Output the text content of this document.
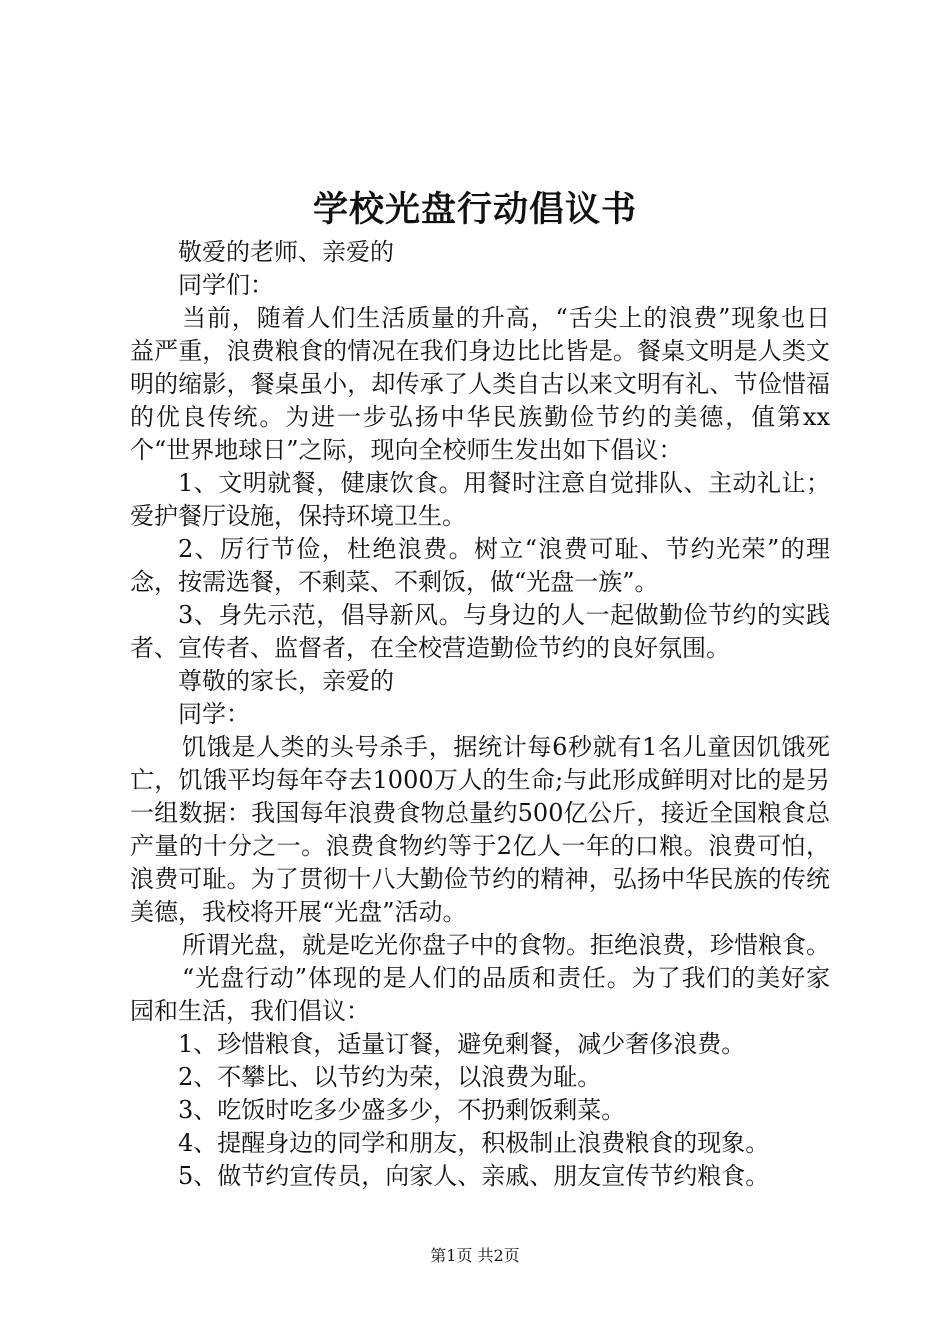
学校光盘行动倡议书

敬爱的老师、亲爱的

同学们：

当前，随着人们生活质量的升高，“舌尖上的浪费”现象也日益严重，浪费粮食的情况在我们身边比比皆是。餐桌文明是人类文明的缩影，餐桌虽小，却传承了人类自古以来文明有礼、节俭惜福的优良传统。为进一步弘扬中华民族勤俭节约的美德，值第xx个“世界地球日”之际，现向全校师生发出如下倡议：

1、文明就餐，健康饮食。用餐时注意自觉排队、主动礼让；爱护餐厅设施，保持环境卫生。

2、厉行节俭，杜绝浪费。树立“浪费可耻、节约光荣”的理念，按需选餐，不剩菜、不剩饭，做“光盘一族”。

3、身先示范，倡导新风。与身边的人一起做勤俭节约的实践者、宣传者、监督者，在全校营造勤俭节约的良好氛围。

尊敬的家长，亲爱的

同学：

饥饿是人类的头号杀手，据统计每6秒就有1名儿童因饥饿死亡，饥饿平均每年夺去1000万人的生命;与此形成鲜明对比的是另一组数据：我国每年浪费食物总量约500亿公斤，接近全国粮食总产量的十分之一。浪费食物约等于2亿人一年的口粮。浪费可怕，浪费可耻。为了贯彻十八大勤俭节约的精神，弘扬中华民族的传统美德，我校将开展“光盘”活动。

所谓光盘，就是吃光你盘子中的食物。拒绝浪费，珍惜粮食。

“光盘行动”体现的是人们的品质和责任。为了我们的美好家园和生活，我们倡议：

1、珍惜粮食，适量订餐，避免剩餐，减少奢侈浪费。

2、不攀比、以节约为荣，以浪费为耻。

3、吃饭时吃多少盛多少，不扔剩饭剩菜。

4、提醒身边的同学和朋友，积极制止浪费粮食的现象。

5、做节约宣传员，向家人、亲戚、朋友宣传节约粮食。

第1页 共2页
